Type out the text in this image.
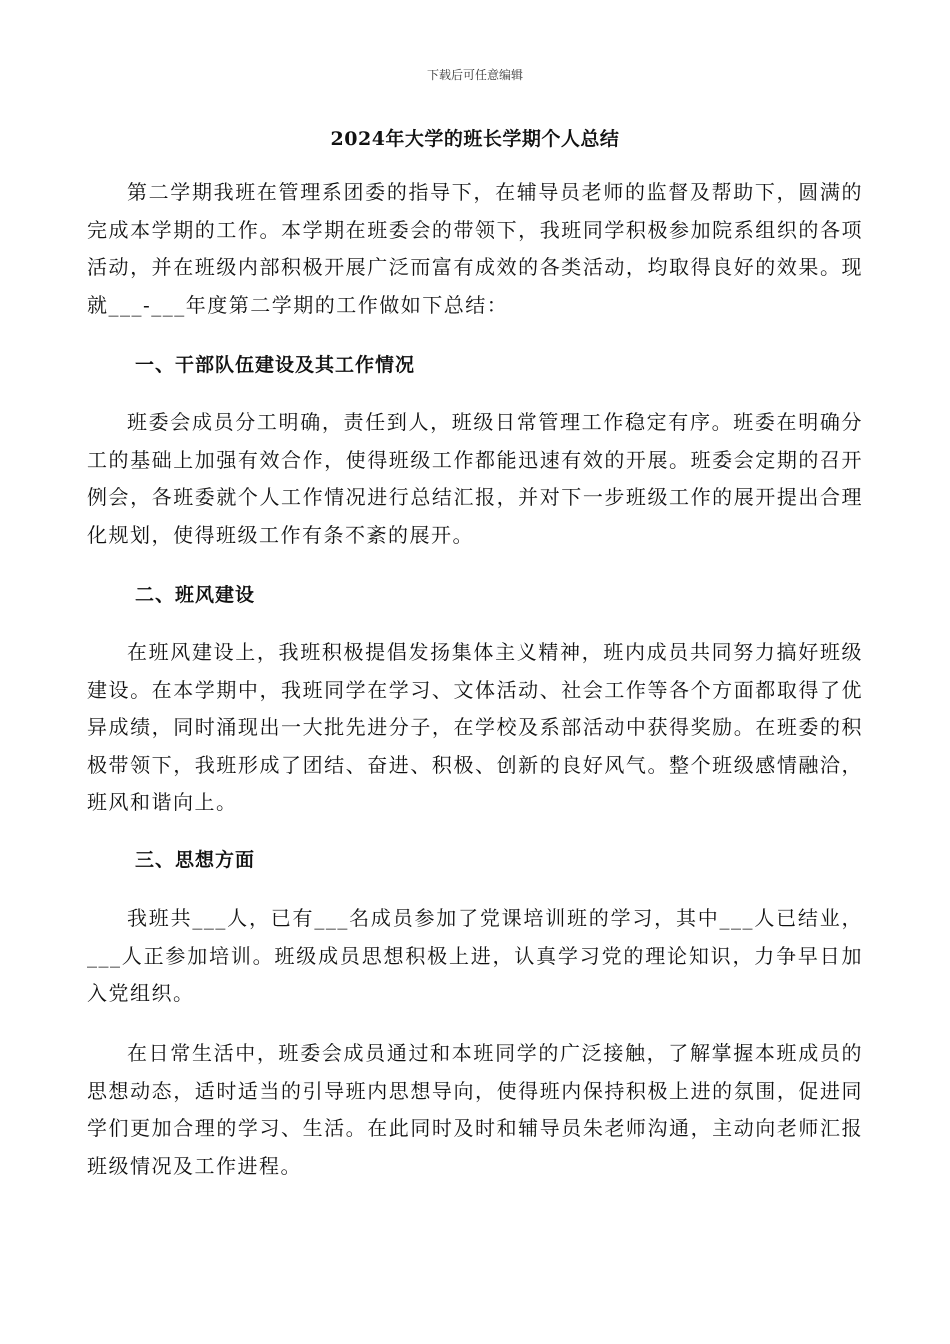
下载后可任意编辑
2024年大学的班长学期个人总结

第二学期我班在管理系团委的指导下，在辅导员老师的监督及帮助下，圆满的完成本学期的工作。本学期在班委会的带领下，我班同学积极参加院系组织的各项活动，并在班级内部积极开展广泛而富有成效的各类活动，均取得良好的效果。现就___-___年度第二学期的工作做如下总结：

一、干部队伍建设及其工作情况

班委会成员分工明确，责任到人，班级日常管理工作稳定有序。班委在明确分工的基础上加强有效合作，使得班级工作都能迅速有效的开展。班委会定期的召开例会，各班委就个人工作情况进行总结汇报，并对下一步班级工作的展开提出合理化规划，使得班级工作有条不紊的展开。

二、班风建设

在班风建设上，我班积极提倡发扬集体主义精神，班内成员共同努力搞好班级建设。在本学期中，我班同学在学习、文体活动、社会工作等各个方面都取得了优异成绩，同时涌现出一大批先进分子，在学校及系部活动中获得奖励。在班委的积极带领下，我班形成了团结、奋进、积极、创新的良好风气。整个班级感情融洽，班风和谐向上。

三、思想方面

我班共___人，已有___名成员参加了党课培训班的学习，其中___人已结业，___人正参加培训。班级成员思想积极上进，认真学习党的理论知识，力争早日加入党组织。

在日常生活中，班委会成员通过和本班同学的广泛接触，了解掌握本班成员的思想动态，适时适当的引导班内思想导向，使得班内保持积极上进的氛围，促进同学们更加合理的学习、生活。在此同时及时和辅导员朱老师沟通，主动向老师汇报班级情况及工作进程。
